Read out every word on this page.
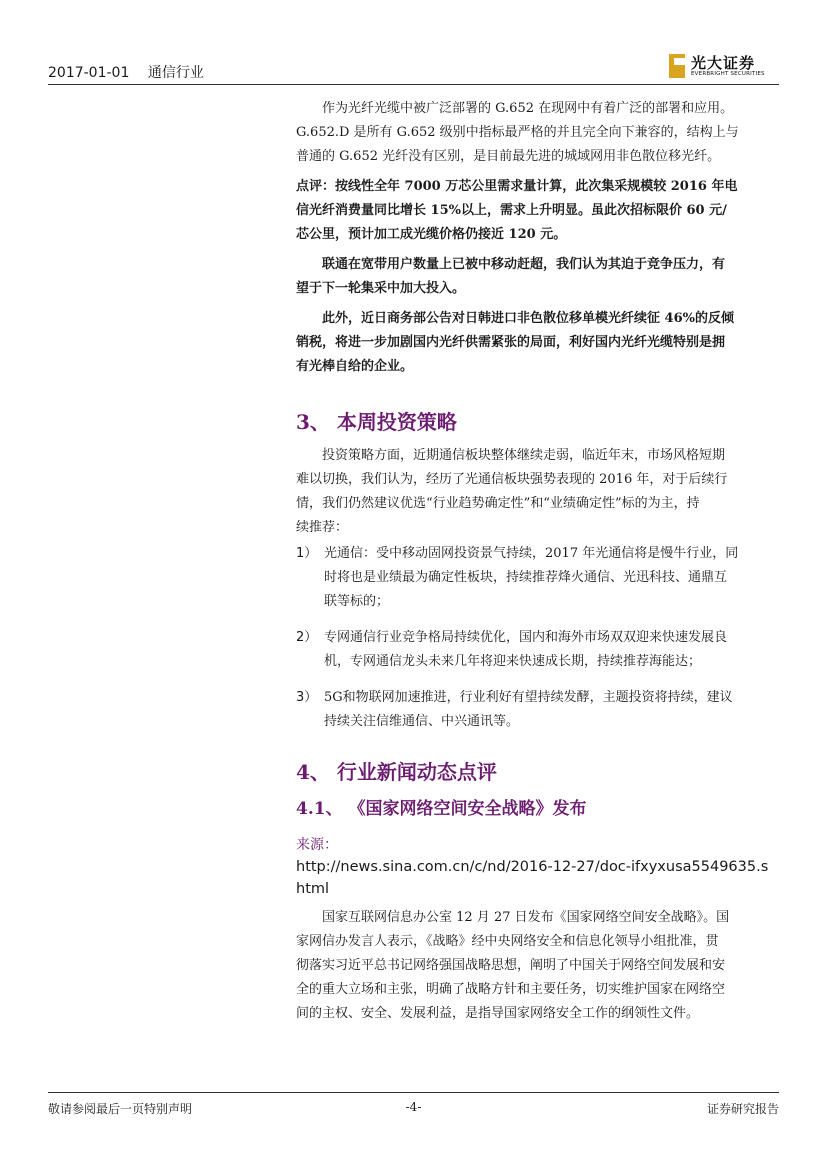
2017-01-01 通信行业
光大证券
EVERBRIGHT SECURITIES
作为光纤光缆中被广泛部署的 G.652 在现网中有着广泛的部署和应用。
G.652.D 是所有 G.652 级别中指标最严格的并且完全向下兼容的，结构上与
普通的 G.652 光纤没有区别，是目前最先进的城域网用非色散位移光纤。
点评：按线性全年 7000 万芯公里需求量计算，此次集采规模较 2016 年电
信光纤消费量同比增长 15%以上，需求上升明显。虽此次招标限价 60 元/
芯公里，预计加工成光缆价格仍接近 120 元。
联通在宽带用户数量上已被中移动赶超，我们认为其迫于竞争压力，有
望于下一轮集采中加大投入。
此外，近日商务部公告对日韩进口非色散位移单模光纤续征 46%的反倾
销税，将进一步加剧国内光纤供需紧张的局面，利好国内光纤光缆特别是拥
有光棒自给的企业。
3、 本周投资策略
投资策略方面，近期通信板块整体继续走弱，临近年末，市场风格短期
难以切换，我们认为，经历了光通信板块强势表现的 2016 年，对于后续行
情，我们仍然建议优选“行业趋势确定性”和“业绩确定性”标的为主，持
续推荐：
1） 光通信：受中移动固网投资景气持续，2017 年光通信将是慢牛行业，同
时将也是业绩最为确定性板块，持续推荐烽火通信、光迅科技、通鼎互
联等标的；
2） 专网通信行业竞争格局持续优化，国内和海外市场双双迎来快速发展良
机，专网通信龙头未来几年将迎来快速成长期，持续推荐海能达；
3） 5G和物联网加速推进，行业利好有望持续发酵，主题投资将持续，建议
持续关注信维通信、中兴通讯等。
4、 行业新闻动态点评
4.1、 《国家网络空间安全战略》发布
来源：
http://news.sina.com.cn/c/nd/2016-12-27/doc-ifxyxusa5549635.s
html
国家互联网信息办公室 12 月 27 日发布《国家网络空间安全战略》。国
家网信办发言人表示，《战略》经中央网络安全和信息化领导小组批准，贯
彻落实习近平总书记网络强国战略思想，阐明了中国关于网络空间发展和安
全的重大立场和主张，明确了战略方针和主要任务，切实维护国家在网络空
间的主权、安全、发展利益，是指导国家网络安全工作的纲领性文件。
敬请参阅最后一页特别声明	-4-	证券研究报告
